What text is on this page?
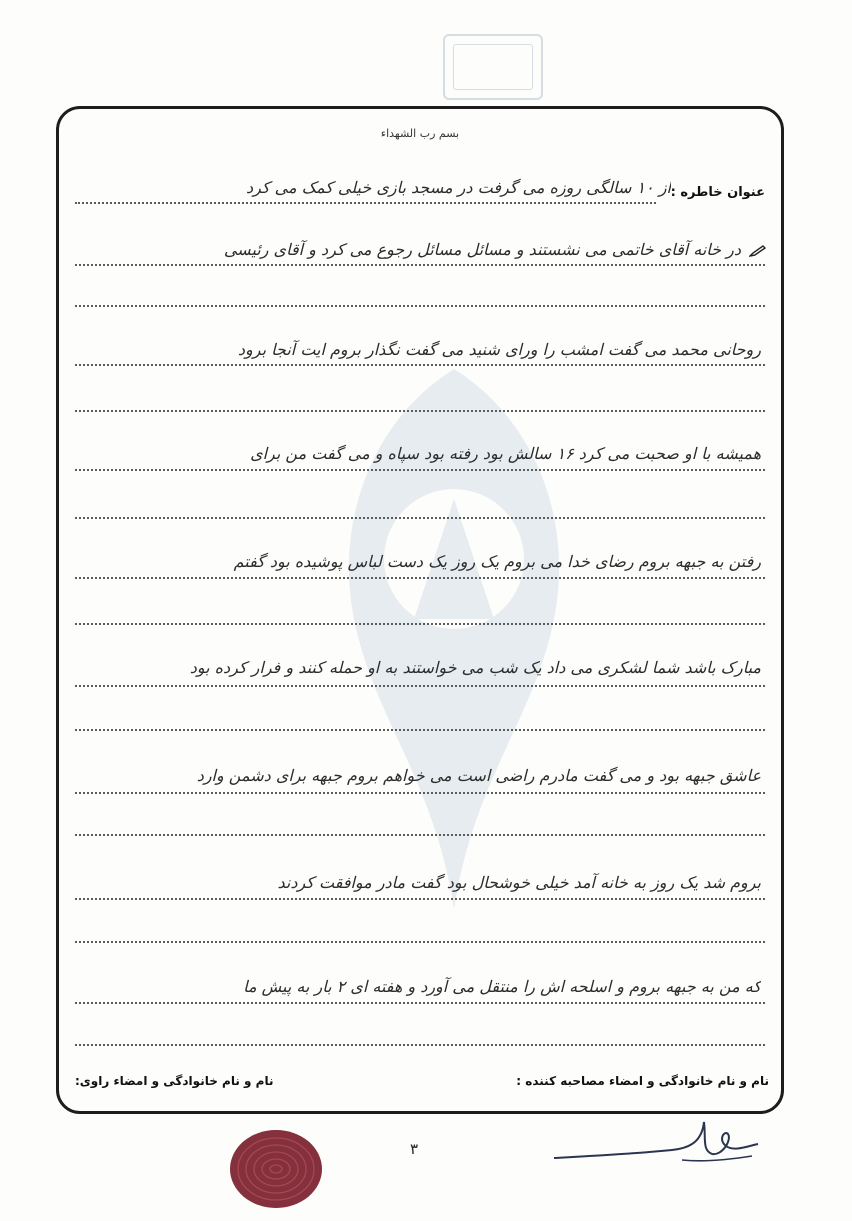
بسم رب الشهداء
عنوان خاطره :
از ۱۰ سالگی روزه می گرفت در مسجد بازی خیلی کمک می کرد
در خانه آقای خاتمی می نشستند و مسائل مسائل رجوع می کرد و آقای رئیسی
روحانی محمد می گفت امشب را ورای شنید می گفت نگذار بروم ایت آنجا برود
همیشه با او صحبت می کرد ۱۶ سالش بود رفته بود سپاه و می گفت من برای
رفتن به جبهه بروم رضای خدا می بروم یک روز یک دست لباس پوشیده بود گفتم
مبارک باشد شما لشکری می داد یک شب می خواستند به او حمله کنند و فرار کرده بود
عاشق جبهه بود و می گفت مادرم راضی است می خواهم بروم جبهه برای دشمن وارد
بروم شد یک روز به خانه آمد خیلی خوشحال بود گفت مادر موافقت کردند
که من به جبهه بروم و اسلحه اش را منتقل می آورد و هفته ای ۲ بار به پیش ما
نام و نام خانوادگی و امضاء مصاحبه کننده :
نام و نام خانوادگی و امضاء راوی:
۳
